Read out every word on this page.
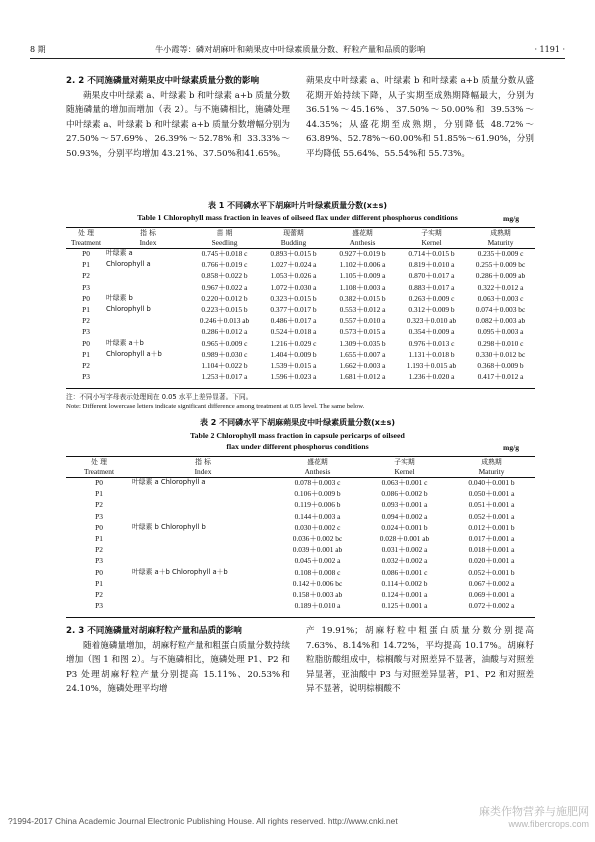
8 期	牛小霞等：磷对胡麻叶和蒴果皮中叶绿素质量分数、籽粒产量和品质的影响	· 1191 ·
2. 2 不同施磷量对蒴果皮中叶绿素质量分数的影响
蒴果皮中叶绿素 a、叶绿素 b 和叶绿素 a+b 质量分数随施磷量的增加而增加（表 2）。与不施磷相比，施磷处理中叶绿素 a、叶绿素 b 和叶绿素 a+b 质量分数增幅分别为 27.50%～57.69%、26.39%～52.78%和 33.33%～50.93%，分别平均增加 43.21%、37.50%和41.65%。
蒴果皮中叶绿素 a、叶绿素 b 和叶绿素 a+b 质量分数从盛花期开始持续下降，从子实期至成熟期降幅最大，分别为 36.51%～45.16%、37.50%～50.00%和 39.53%～44.35%；从盛花期至成熟期，分别降低 48.72%～63.89%、52.78%～60.00%和 51.85%～61.90%，分别平均降低 55.64%、55.54%和 55.73%。
表 1 不同磷水平下胡麻叶片叶绿素质量分数(x±s)
Table 1 Chlorophyll mass fraction in leaves of oilseed flax under different phosphorus conditions	mg/g
处 理	指 标	苗 期	现蕾期	盛花期	子实期	成熟期
Treatment	Index	Seedling	Budding	Anthesis	Kernel	Maturity
P0	叶绿素 a	0.745＋0.018 c	0.893＋0.015 b	0.927＋0.019 b	0.714＋0.015 b	0.235＋0.009 c
P1	Chlorophyll a	0.766＋0.019 c	1.027＋0.024 a	1.102＋0.006 a	0.819＋0.010 a	0.255＋0.009 bc
P2		0.858＋0.022 b	1.053＋0.026 a	1.105＋0.009 a	0.870＋0.017 a	0.286＋0.009 ab
P3		0.967＋0.022 a	1.072＋0.030 a	1.108＋0.003 a	0.883＋0.017 a	0.322＋0.012 a
P0	叶绿素 b	0.220＋0.012 b	0.323＋0.015 b	0.382＋0.015 b	0.263＋0.009 c	0.063＋0.003 c
P1	Chlorophyll b	0.223＋0.015 b	0.377＋0.017 b	0.553＋0.012 a	0.312＋0.009 b	0.074＋0.003 bc
P2		0.246＋0.013 ab	0.486＋0.017 a	0.557＋0.010 a	0.323＋0.010 ab	0.082＋0.003 ab
P3		0.286＋0.012 a	0.524＋0.018 a	0.573＋0.015 a	0.354＋0.009 a	0.095＋0.003 a
P0	叶绿素 a＋b	0.965＋0.009 c	1.216＋0.029 c	1.309＋0.035 b	0.976＋0.013 c	0.298＋0.010 c
P1	Chlorophyll a＋b	0.989＋0.030 c	1.404＋0.009 b	1.655＋0.007 a	1.131＋0.018 b	0.330＋0.012 bc
P2		1.104＋0.022 b	1.539＋0.015 a	1.662＋0.003 a	1.193＋0.015 ab	0.368＋0.009 b
P3		1.253＋0.017 a	1.596＋0.023 a	1.681＋0.012 a	1.236＋0.020 a	0.417＋0.012 a
注：不同小写字母表示处理间在 0.05 水平上差异显著。下同。
Note: Different lowercase letters indicate significant difference among treatment at 0.05 level. The same below.
表 2 不同磷水平下胡麻蒴果皮中叶绿素质量分数(x±s)
Table 2 Chlorophyll mass fraction in capsule pericarps of oilseed
flax under different phosphorus conditions	mg/g
处 理	指 标	盛花期	子实期	成熟期
Treatment	Index	Anthesis	Kernel	Maturity
P0	叶绿素 a Chlorophyll a	0.078＋0.003 c	0.063＋0.001 c	0.040＋0.001 b
P1		0.106＋0.009 b	0.086＋0.002 b	0.050＋0.001 a
P2		0.119＋0.006 b	0.093＋0.001 a	0.051＋0.001 a
P3		0.144＋0.003 a	0.094＋0.002 a	0.052＋0.001 a
P0	叶绿素 b Chlorophyll b	0.030＋0.002 c	0.024＋0.001 b	0.012＋0.001 b
P1		0.036＋0.002 bc	0.028＋0.001 ab	0.017＋0.001 a
P2		0.039＋0.001 ab	0.031＋0.002 a	0.018＋0.001 a
P3		0.045＋0.002 a	0.032＋0.002 a	0.020＋0.001 a
P0	叶绿素 a＋b Chlorophyll a＋b	0.108＋0.008 c	0.086＋0.001 c	0.052＋0.001 b
P1		0.142＋0.006 bc	0.114＋0.002 b	0.067＋0.002 a
P2		0.158＋0.003 ab	0.124＋0.001 a	0.069＋0.001 a
P3		0.189＋0.010 a	0.125＋0.001 a	0.072＋0.002 a
2. 3 不同施磷量对胡麻籽粒产量和品质的影响
随着施磷量增加，胡麻籽粒产量和粗蛋白质量分数持续增加（图 1 和图 2）。与不施磷相比，施磷处理 P1、P2 和 P3 处理胡麻籽粒产量分别提高 15.11%、20.53%和 24.10%，施磷处理平均增
产 19.91%；胡麻籽粒中粗蛋白质量分数分别提高 7.63%、8.14%和 14.72%，平均提高 10.17%。胡麻籽粒脂肪酸组成中，棕榈酸与对照差异不显著，油酸与对照差异显著，亚油酸中 P3 与对照差异显著，P1、P2 和对照差异不显著，说明棕榈酸不
?1994-2017 China Academic Journal Electronic Publishing House. All rights reserved. http://www.cnki.net
麻类作物营养与施肥网
www.fibercrops.com
